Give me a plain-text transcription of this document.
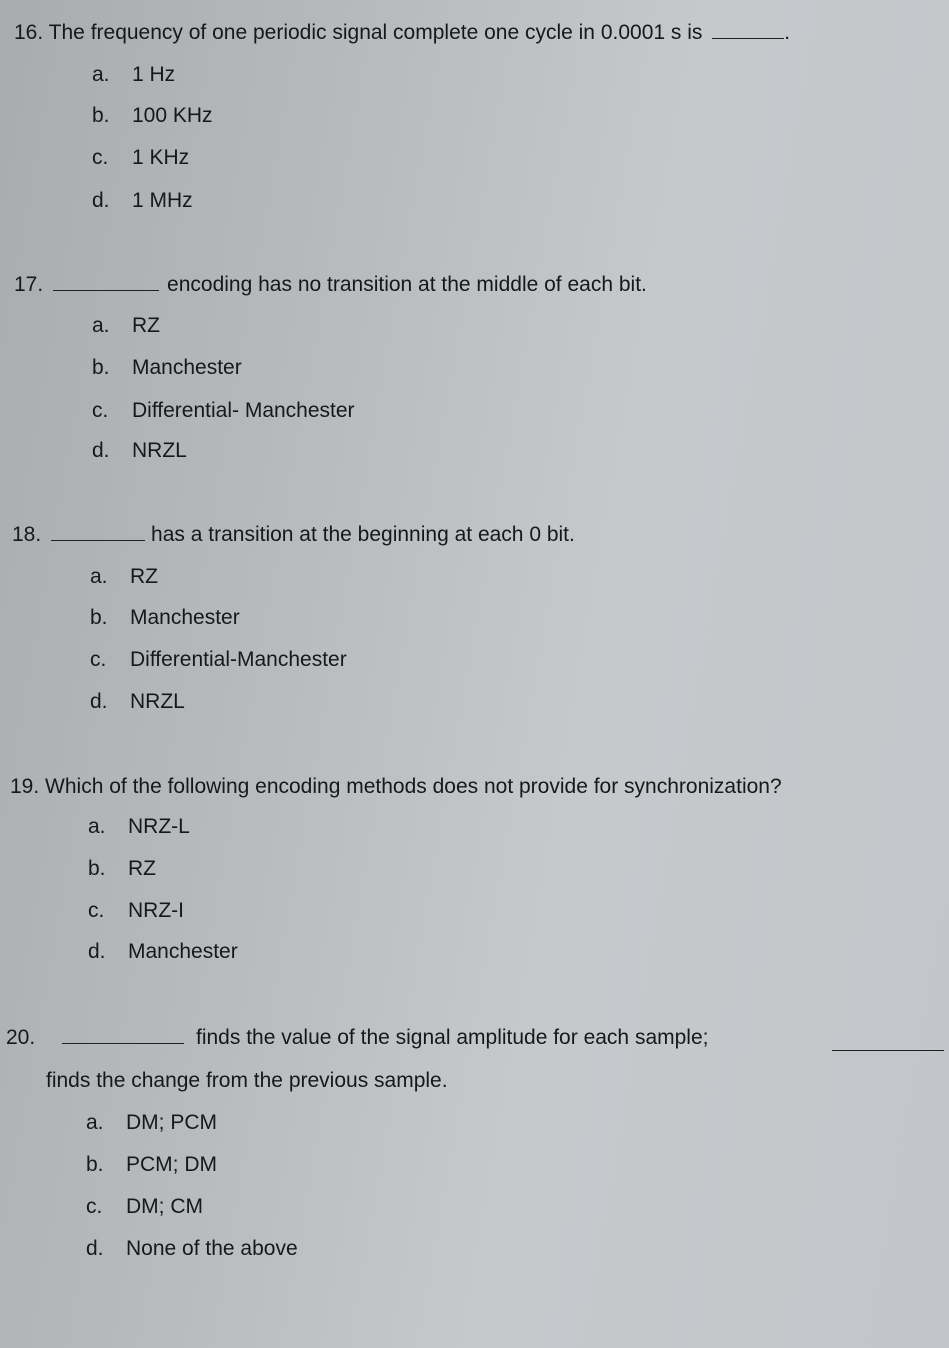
16. The frequency of one periodic signal complete one cycle in 0.0001 s is	.
a. 1 Hz
b. 100 KHz
c. 1 KHz
d. 1 MHz
17.	encoding has no transition at the middle of each bit.
a. RZ
b. Manchester
c. Differential- Manchester
d. NRZL
18.	has a transition at the beginning at each 0 bit.
a. RZ
b. Manchester
c. Differential-Manchester
d. NRZL
19. Which of the following encoding methods does not provide for synchronization?
a. NRZ-L
b. RZ
c. NRZ-I
d. Manchester
20.	finds the value of the signal amplitude for each sample;
finds the change from the previous sample.
a. DM; PCM
b. PCM; DM
c. DM; CM
d. None of the above
